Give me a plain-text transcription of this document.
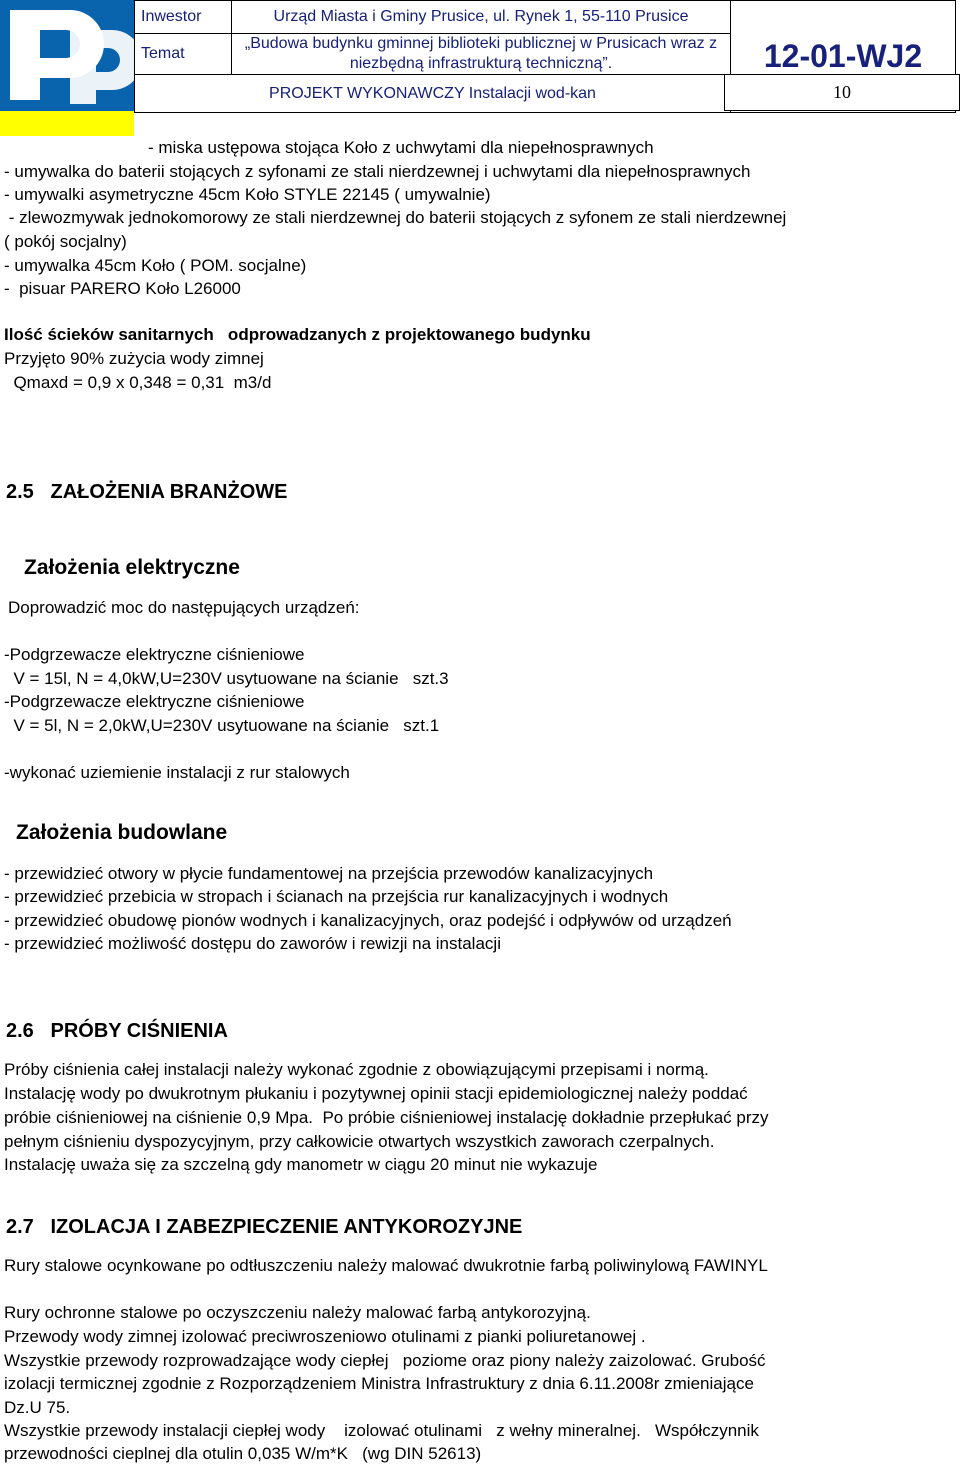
Inwestor	Urząd Miasta i Gminy Prusice, ul. Rynek 1, 55-110 Prusice	12-01-WJ2
Temat	„Budowa budynku gminnej biblioteki publicznej w Prusicach wraz z
niezbędną infrastrukturą techniczną”.	

PROJEKT WYKONAWCZY Instalacji wod-kan			10
- miska ustępowa stojąca Koło z uchwytami dla niepełnosprawnych
- umywalka do baterii stojących z syfonami ze stali nierdzewnej i uchwytami dla niepełnosprawnych
- umywalki asymetryczne 45cm Koło STYLE 22145 ( umywalnie)
- zlewozmywak jednokomorowy ze stali nierdzewnej do baterii stojących z syfonem ze stali nierdzewnej
( pokój socjalny)
- umywalka 45cm Koło ( POM. socjalne)
-  pisuar PARERO Koło L26000
Ilość ścieków sanitarnych   odprowadzanych z projektowanego budynku
Przyjęto 90% zużycia wody zimnej
Qmaxd = 0,9 x 0,348 = 0,31  m3/d
2.5   ZAŁOŻENIA BRANŻOWE
Założenia elektryczne
Doprowadzić moc do następujących urządzeń:
-Podgrzewacze elektryczne ciśnieniowe
V = 15l, N = 4,0kW,U=230V usytuowane na ścianie   szt.3
-Podgrzewacze elektryczne ciśnieniowe
V = 5l, N = 2,0kW,U=230V usytuowane na ścianie   szt.1
-wykonać uziemienie instalacji z rur stalowych
Założenia budowlane
- przewidzieć otwory w płycie fundamentowej na przejścia przewodów kanalizacyjnych
- przewidzieć przebicia w stropach i ścianach na przejścia rur kanalizacyjnych i wodnych
- przewidzieć obudowę pionów wodnych i kanalizacyjnych, oraz podejść i odpływów od urządzeń
- przewidzieć możliwość dostępu do zaworów i rewizji na instalacji
2.6   PRÓBY CIŚNIENIA
Próby ciśnienia całej instalacji należy wykonać zgodnie z obowiązującymi przepisami i normą.
Instalację wody po dwukrotnym płukaniu i pozytywnej opinii stacji epidemiologicznej należy poddać
próbie ciśnieniowej na ciśnienie 0,9 Mpa.  Po próbie ciśnieniowej instalację dokładnie przepłukać przy
pełnym ciśnieniu dyspozycyjnym, przy całkowicie otwartych wszystkich zaworach czerpalnych.
Instalację uważa się za szczelną gdy manometr w ciągu 20 minut nie wykazuje
2.7   IZOLACJA I ZABEZPIECZENIE ANTYKOROZYJNE
Rury stalowe ocynkowane po odtłuszczeniu należy malować dwukrotnie farbą poliwinylową FAWINYL
Rury ochronne stalowe po oczyszczeniu należy malować farbą antykorozyjną.
Przewody wody zimnej izolować preciwroszeniowo otulinami z pianki poliuretanowej .
Wszystkie przewody rozprowadzające wody ciepłej   poziome oraz piony należy zaizolować. Grubość
izolacji termicznej zgodnie z Rozporządzeniem Ministra Infrastruktury z dnia 6.11.2008r zmieniające
Dz.U 75.
Wszystkie przewody instalacji ciepłej wody    izolować otulinami   z wełny mineralnej.   Współczynnik
przewodności cieplnej dla otulin 0,035 W/m*K   (wg DIN 52613)
